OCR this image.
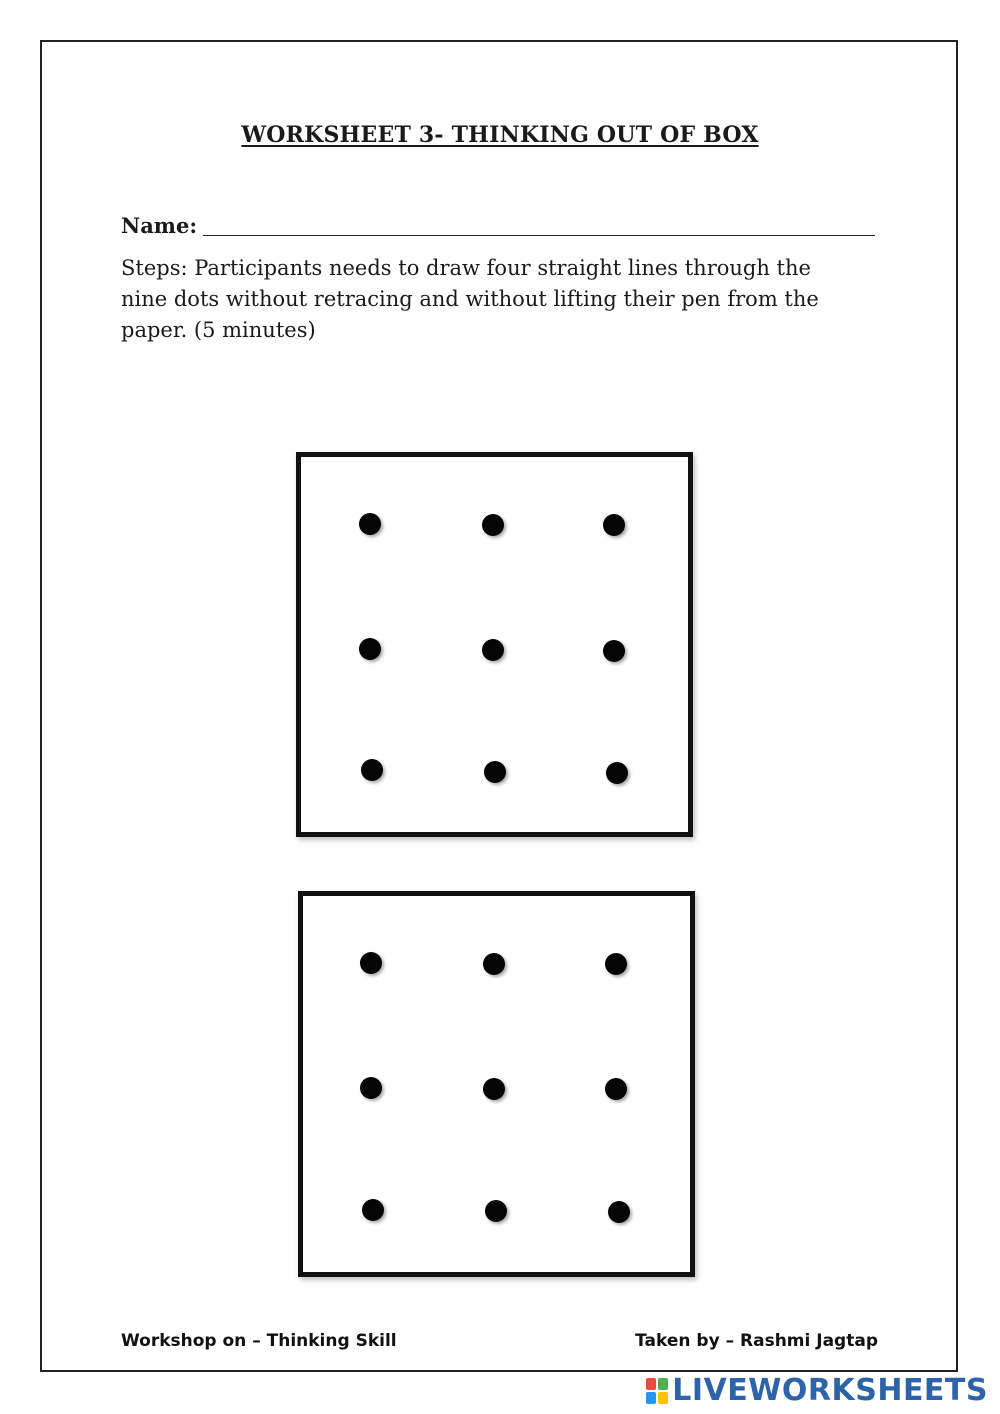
WORKSHEET 3- THINKING OUT OF BOX
Name:
Steps: Participants needs to draw four straight lines through the
nine dots without retracing and without lifting their pen from the
paper. (5 minutes)
Workshop on – Thinking Skill	Taken by – Rashmi Jagtap
LIVEWORKSHEETS
